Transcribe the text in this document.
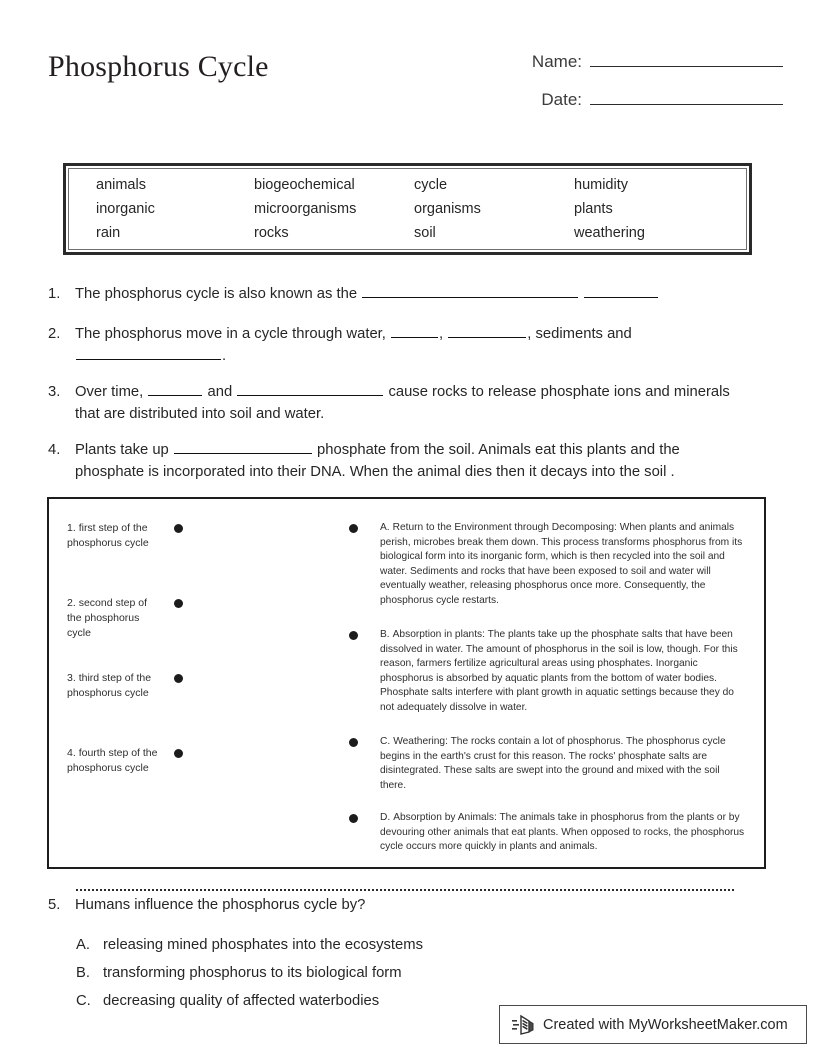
Phosphorus Cycle	Name:
Date:
animals	biogeochemical	cycle	humidity
inorganic	microorganisms	organisms	plants
rain	rocks	soil	weathering
1. The phosphorus cycle is also known as the
2. The phosphorus move in a cycle through water,	,	, sediments and
.
3. Over time,	and	cause rocks to release phosphate ions and minerals that are distributed into soil and water.
4. Plants take up	phosphate from the soil. Animals eat this plants and the phosphate is incorporated into their DNA. When the animal dies then it decays into the soil .
1. first step of the phosphorus cycle
2. second step of the phosphorus cycle
3. third step of the phosphorus cycle
4. fourth step of the phosphorus cycle
A. Return to the Environment through Decomposing: When plants and animals perish, microbes break them down. This process transforms phosphorus from its biological form into its inorganic form, which is then recycled into the soil and water. Sediments and rocks that have been exposed to soil and water will eventually weather, releasing phosphorus once more. Consequently, the phosphorus cycle restarts.
B. Absorption in plants: The plants take up the phosphate salts that have been dissolved in water. The amount of phosphorus in the soil is low, though. For this reason, farmers fertilize agricultural areas using phosphates. Inorganic phosphorus is absorbed by aquatic plants from the bottom of water bodies. Phosphate salts interfere with plant growth in aquatic settings because they do not adequately dissolve in water.
C. Weathering: The rocks contain a lot of phosphorus. The phosphorus cycle begins in the earth's crust for this reason. The rocks' phosphate salts are disintegrated. These salts are swept into the ground and mixed with the soil there.
D. Absorption by Animals: The animals take in phosphorus from the plants or by devouring other animals that eat plants. When opposed to rocks, the phosphorus cycle occurs more quickly in plants and animals.
5. Humans influence the phosphorus cycle by?
A. releasing mined phosphates into the ecosystems
B. transforming phosphorus to its biological form
C. decreasing quality of affected waterbodies
Created with MyWorksheetMaker.com
